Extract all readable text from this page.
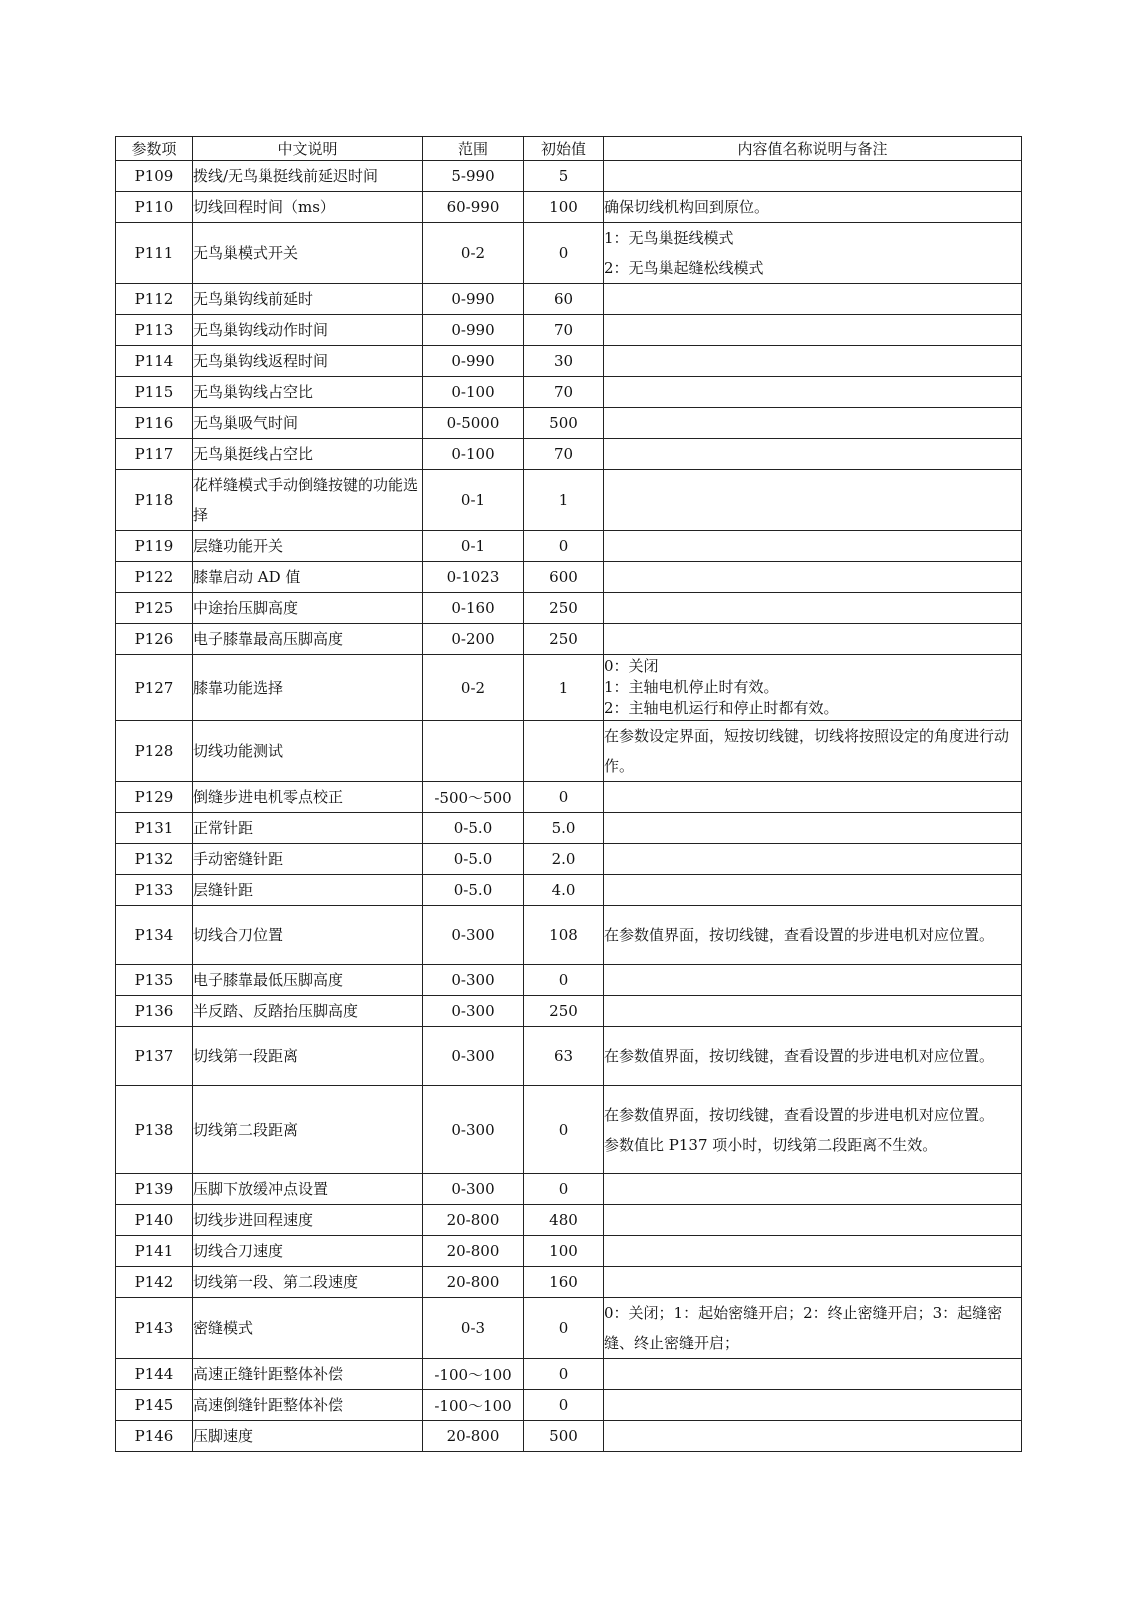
参数项	中文说明	范围	初始值	内容值名称说明与备注
P109	拨线/无鸟巢挺线前延迟时间	5-990	5	
P110	切线回程时间（ms）	60-990	100	确保切线机构回到原位。

P111	无鸟巢模式开关	0-2	0	1：无鸟巢挺线模式
2：无鸟巢起缝松线模式

P112	无鸟巢钩线前延时	0-990	60	
P113	无鸟巢钩线动作时间	0-990	70	
P114	无鸟巢钩线返程时间	0-990	30	
P115	无鸟巢钩线占空比	0-100	70	
P116	无鸟巢吸气时间	0-5000	500	
P117	无鸟巢挺线占空比	0-100	70	
P118	花样缝模式手动倒缝按键的功能选择	0-1	1	
P119	层缝功能开关	0-1	0	
P122	膝靠启动 AD 值	0-1023	600	
P125	中途抬压脚高度	0-160	250	
P126	电子膝靠最高压脚高度	0-200	250	
P127	膝靠功能选择	0-2	1	0：关闭
1：主轴电机停止时有效。
2：主轴电机运行和停止时都有效。

P128	切线功能测试			在参数设定界面，短按切线键，切线将按照设定的角度进行动作。

P129	倒缝步进电机零点校正	-500～500	0	
P131	正常针距	0-5.0	5.0	
P132	手动密缝针距	0-5.0	2.0	
P133	层缝针距	0-5.0	4.0	
P134	切线合刀位置	0-300	108	在参数值界面，按切线键，查看设置的步进电机对应位置。

P135	电子膝靠最低压脚高度	0-300	0	
P136	半反踏、反踏抬压脚高度	0-300	250	
P137	切线第一段距离	0-300	63	在参数值界面，按切线键，查看设置的步进电机对应位置。

P138	切线第二段距离	0-300	0	在参数值界面，按切线键，查看设置的步进电机对应位置。
参数值比 P137 项小时，切线第二段距离不生效。

P139	压脚下放缓冲点设置	0-300	0	
P140	切线步进回程速度	20-800	480	
P141	切线合刀速度	20-800	100	
P142	切线第一段、第二段速度	20-800	160	
P143	密缝模式	0-3	0	0：关闭；1：起始密缝开启；2：终止密缝开启；3：起缝密缝、终止密缝开启；

P144	高速正缝针距整体补偿	-100～100	0	
P145	高速倒缝针距整体补偿	-100～100	0	
P146	压脚速度	20-800	500	
